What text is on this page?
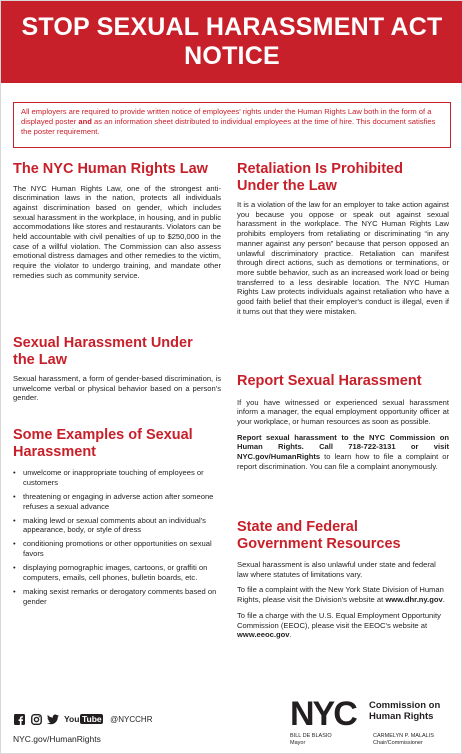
STOP SEXUAL HARASSMENT ACT
NOTICE
All employers are required to provide written notice of employees' rights under the Human Rights Law both in the form of a displayed poster and as an information sheet distributed to individual employees at the time of hire. This document satisfies the poster requirement.
The NYC Human Rights Law
The NYC Human Rights Law, one of the strongest anti-discrimination laws in the nation, protects all individuals against discrimination based on gender, which includes sexual harassment in the workplace, in housing, and in public accommodations like stores and restaurants. Violators can be held accountable with civil penalties of up to $250,000 in the case of a willful violation. The Commission can also assess emotional distress damages and other remedies to the victim, require the violator to undergo training, and mandate other remedies such as community service.
Sexual Harassment Under
the Law
Sexual harassment, a form of gender-based discrimination, is unwelcome verbal or physical behavior based on a person's gender.
Some Examples of Sexual
Harassment
• unwelcome or inappropriate touching of employees or customers
• threatening or engaging in adverse action after someone refuses a sexual advance
• making lewd or sexual comments about an individual's appearance, body, or style of dress
• conditioning promotions or other opportunities on sexual favors
• displaying pornographic images, cartoons, or graffiti on computers, emails, cell phones, bulletin boards, etc.
• making sexist remarks or derogatory comments based on gender
Retaliation Is Prohibited
Under the Law
It is a violation of the law for an employer to take action against you because you oppose or speak out against sexual harassment in the workplace. The NYC Human Rights Law prohibits employers from retaliating or discriminating “in any manner against any person” because that person opposed an unlawful discriminatory practice. Retaliation can manifest through direct actions, such as demotions or terminations, or more subtle behavior, such as an increased work load or being transferred to a less desirable location. The NYC Human Rights Law protects individuals against retaliation who have a good faith belief that their employer's conduct is illegal, even if it turns out that they were mistaken.
Report Sexual Harassment
If you have witnessed or experienced sexual harassment inform a manager, the equal employment opportunity officer at your workplace, or human resources as soon as possible.
Report sexual harassment to the NYC Commission on Human Rights. Call 718-722-3131 or visit NYC.gov/HumanRights to learn how to file a complaint or report discrimination. You can file a complaint anonymously.
State and Federal
Government Resources
Sexual harassment is also unlawful under state and federal law where statutes of limitations vary.
To file a complaint with the New York State Division of Human Rights, please visit the Division's website at www.dhr.ny.gov.
To file a charge with the U.S. Equal Employment Opportunity Commission (EEOC), please visit the EEOC's website at www.eeoc.gov.
You Tube @NYCCHR
NYC.gov/HumanRights
NYC Commission on
Human Rights
BILL DE BLASIO
Mayor
CARMELYN P. MALALIS
Chair/Commissioner
